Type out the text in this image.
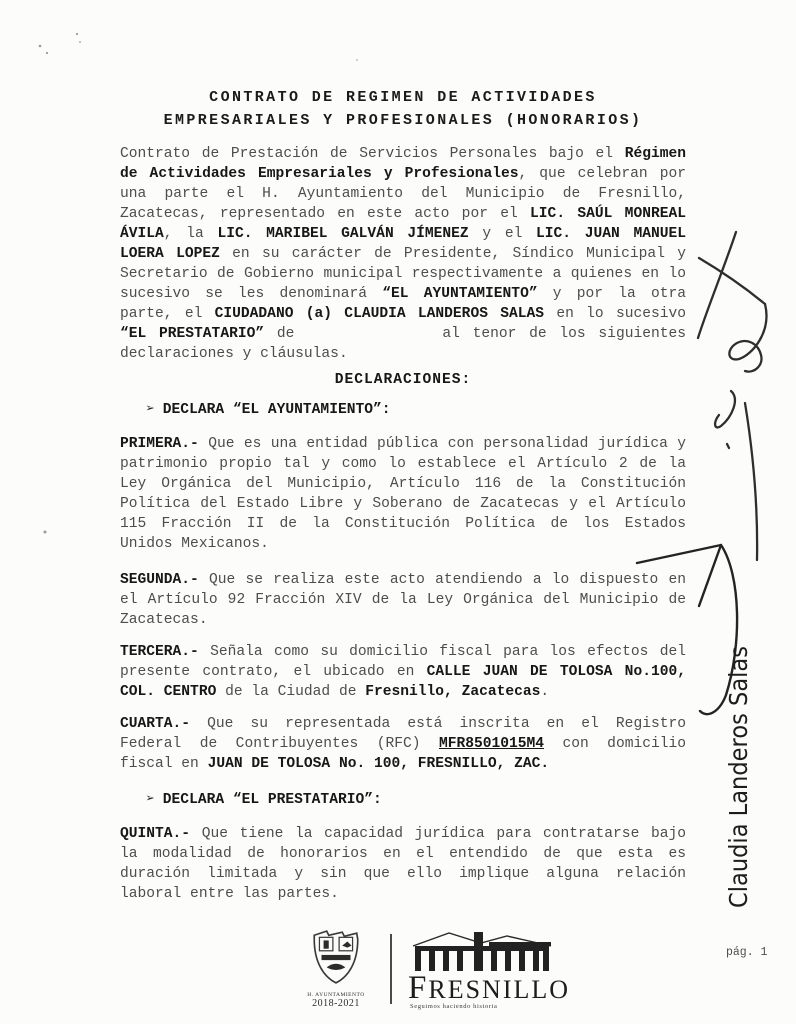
CONTRATO DE REGIMEN DE ACTIVIDADES
EMPRESARIALES Y PROFESIONALES (HONORARIOS)

Contrato de Prestación de Servicios Personales bajo el Régimen de Actividades Empresariales y Profesionales, que celebran por una parte el H. Ayuntamiento del Municipio de Fresnillo, Zacatecas, representado en este acto por el LIC. SAÚL MONREAL ÁVILA, la LIC. MARIBEL GALVÁN JÍMENEZ y el LIC. JUAN MANUEL LOERA LOPEZ en su carácter de Presidente, Síndico Municipal y Secretario de Gobierno municipal respectivamente a quienes en lo sucesivo se les denominará “EL AYUNTAMIENTO” y por la otra parte, el CIUDADANO (a) CLAUDIA LANDEROS SALAS en lo sucesivo “EL PRESTATARIO” de	al tenor de los siguientes declaraciones y cláusulas.

DECLARACIONES:
➢ DECLARA “EL AYUNTAMIENTO”:

PRIMERA.- Que es una entidad pública con personalidad jurídica y patrimonio propio tal y como lo establece el Artículo 2 de la Ley Orgánica del Municipio, Artículo 116 de la Constitución Política del Estado Libre y Soberano de Zacatecas y el Artículo 115 Fracción II de la Constitución Política de los Estados Unidos Mexicanos.

SEGUNDA.- Que se realiza este acto atendiendo a lo dispuesto en el Artículo 92 Fracción XIV de la Ley Orgánica del Municipio de Zacatecas.

TERCERA.- Señala como su domicilio fiscal para los efectos del presente contrato, el ubicado en CALLE JUAN DE TOLOSA No.100, COL. CENTRO de la Ciudad de Fresnillo, Zacatecas.

CUARTA.- Que su representada está inscrita en el Registro Federal de Contribuyentes (RFC) MFR8501015M4 con domicilio fiscal en JUAN DE TOLOSA No. 100, FRESNILLO, ZAC.

➢ DECLARA “EL PRESTATARIO”:

QUINTA.- Que tiene la capacidad jurídica para contratarse bajo la modalidad de honorarios en el entendido de que esta es duración limitada y sin que ello implique alguna relación laboral entre las partes.	Claudia Landeros Salas
H. AYUNTAMIENTO
2018-2021	FRESNILLO
Seguimos haciendo historia
pág. 1
